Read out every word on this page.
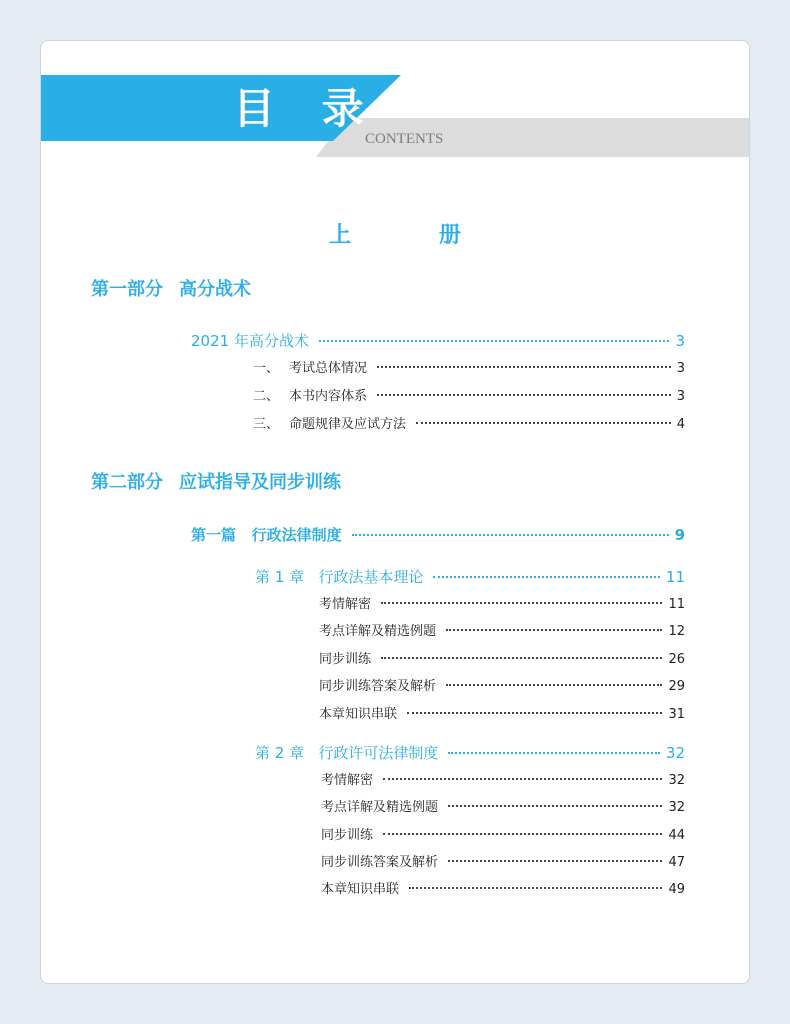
目 录
CONTENTS
上 册
第一部分 高分战术
2021 年高分战术	3
一、 考试总体情况	3
二、 本书内容体系	3
三、 命题规律及应试方法	4
第二部分 应试指导及同步训练
第一篇   行政法律制度	9
第 1 章   行政法基本理论	11
考情解密	11
考点详解及精选例题	12
同步训练	26
同步训练答案及解析	29
本章知识串联	31
第 2 章   行政许可法律制度	32
考情解密	32
考点详解及精选例题	32
同步训练	44
同步训练答案及解析	47
本章知识串联	49
